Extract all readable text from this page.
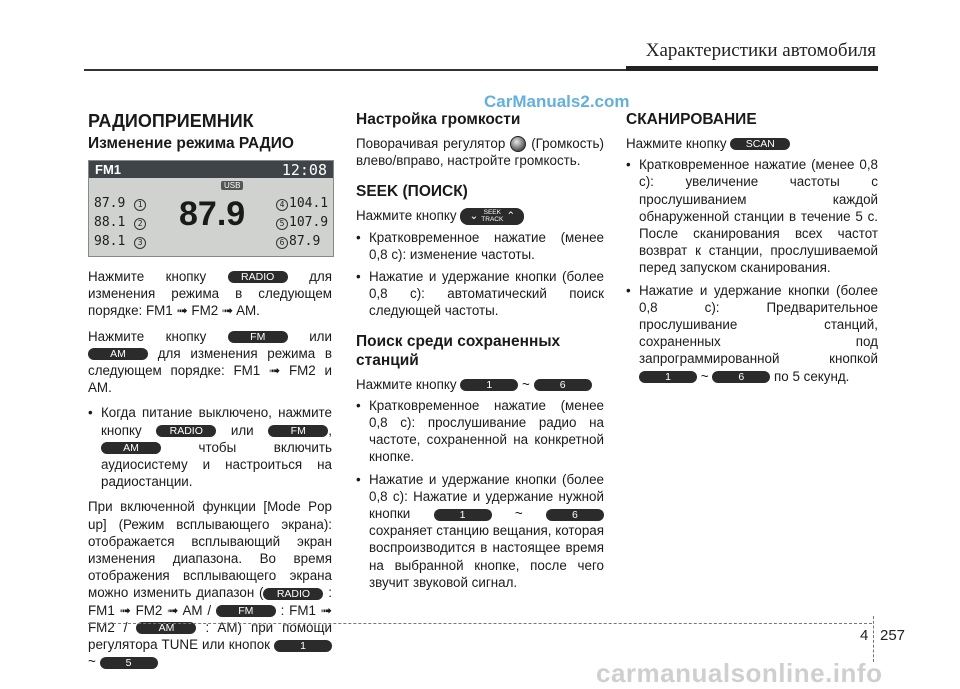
Характеристики автомобиля
CarManuals2.com
РАДИОПРИЕМНИК
Изменение режима РАДИО
FM1	12:08
USB
87.9 1
88.1 2
98.1 3
87.9	4 104.1
5 107.9
6 87.9

Нажмите кнопку	RADIO	для изменения режима в следующем порядке: FM1 ➟ FM2 ➟ AM.

Нажмите кнопку	FM	или AM для изменения режима в следующем порядке: FM1 ➟ FM2 и AM.

• Когда питание выключено, нажмите кнопку	RADIO или	FM , AM	чтобы включить аудиосистему и настроиться на радиостанции.

При включенной функции [Mode Pop up] (Режим всплывающего экрана): отображается всплывающий экран изменения диапазона. Во время отображения всплывающего экрана можно изменить диапазон ( RADIO : FM1 ➟ FM2 ➟ AM /	FM : FM1 ➟ FM2 /	AM : AM) при помощи регулятора TUNE или кнопок	1 ~	5

Настройка громкости

Поворачивая регулятор (Громкость) влево/вправо, настройте громкость.

SEEK (ПОИСК)

Нажмите кнопку ⌄ SEEK
TRACK ⌃

• Кратковременное нажатие (менее 0,8 с): изменение частоты.
• Нажатие и удержание кнопки (более 0,8 с): автоматический поиск следующей частоты.
Поиск среди сохраненных станций

Нажмите кнопку	1 ~	6

• Кратковременное нажатие (менее 0,8 с): прослушивание радио на частоте, сохраненной на конкретной кнопке.
• Нажатие и удержание кнопки (более 0,8 с): Нажатие и удержание нужной кнопки	1	~	6 сохраняет станцию вещания, которая воспроизводится в настоящее время на выбранной кнопке, после чего звучит звуковой сигнал.
СКАНИРОВАНИЕ

Нажмите кнопку SCAN

• Кратковременное нажатие (менее 0,8 с): увеличение частоты с прослушиванием каждой обнаруженной станции в течение 5 с. После сканирования всех частот возврат к станции, прослушиваемой перед запуском сканирования.
• Нажатие и удержание кнопки (более 0,8 с): Предварительное прослушивание станций, сохраненных под запрограммированной кнопкой 1 ~	6 по 5 секунд.
4 257
carmanualsonline.info
